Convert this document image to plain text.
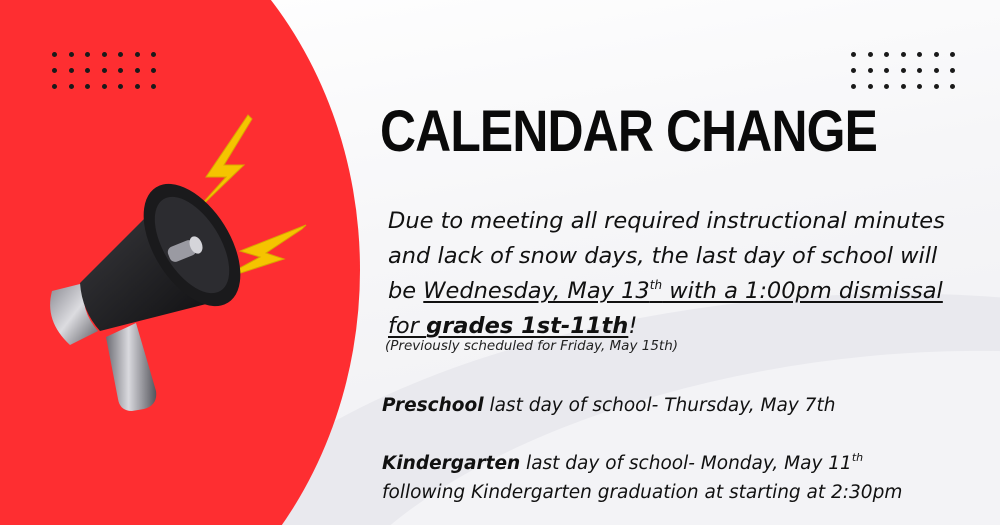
CALENDAR CHANGE
Due to meeting all required instructional minutes and lack of snow days, the last day of school will be Wednesday, May 13th with a 1:00pm dismissal for grades 1st-11th!
(Previously scheduled for Friday, May 15th)
Preschool last day of school- Thursday, May 7th
Kindergarten last day of school- Monday, May 11th
following Kindergarten graduation at starting at 2:30pm
